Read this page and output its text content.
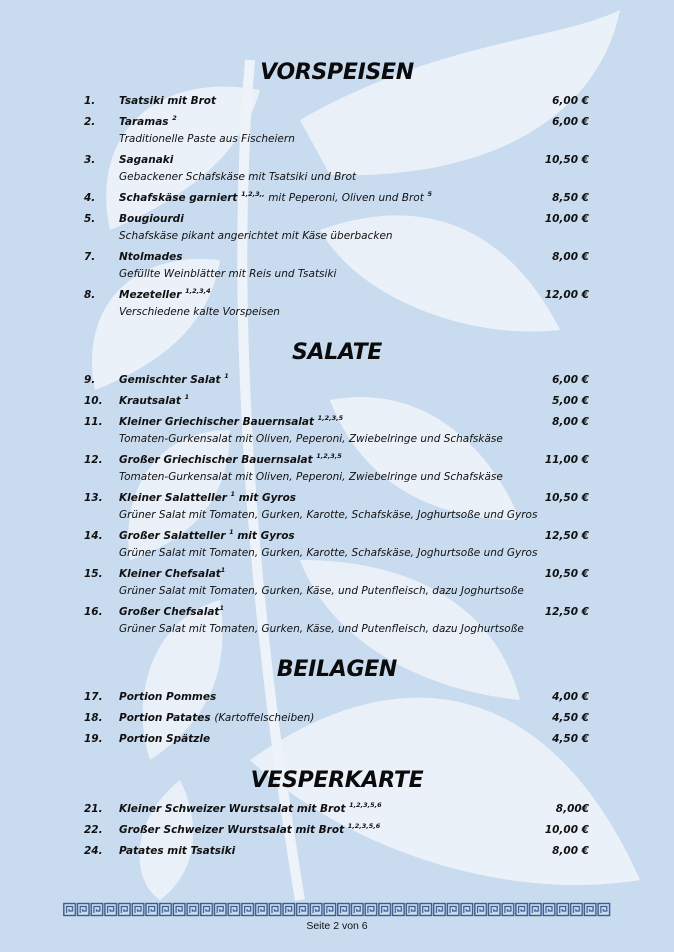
VORSPEISEN
1. Tsatsiki mit Brot	6,00 €
2. Taramas $^2$	6,00 €
Traditionelle Paste aus Fischeiern
3. Saganaki	10,50 €
Gebackener Schafskäse mit Tsatsiki und Brot
4. Schafskäse garniert $^{1,2,3,,}$ mit Peperoni, Oliven und Brot $^5$	8,50 €
5. Bougiourdi	10,00 €
Schafskäse pikant angerichtet mit Käse überbacken
7. Ntolmades	8,00 €
Gefüllte Weinblätter mit Reis und Tsatsiki
8. Mezeteller $^{1,2,3,4}$	12,00 €
Verschiedene kalte Vorspeisen
SALATE
9. Gemischter Salat $^1$	6,00 €
10. Krautsalat $^1$	5,00 €
11. Kleiner Griechischer Bauernsalat $^{1,2,3,5}$	8,00 €
Tomaten-Gurkensalat mit Oliven, Peperoni, Zwiebelringe und Schafskäse
12. Großer Griechischer Bauernsalat $^{1,2,3,5}$	11,00 €
Tomaten-Gurkensalat mit Oliven, Peperoni, Zwiebelringe und Schafskäse
13. Kleiner Salatteller $^1$ mit Gyros	10,50 €
Grüner Salat mit Tomaten, Gurken, Karotte, Schafskäse, Joghurtsoße und Gyros
14. Großer Salatteller $^1$ mit Gyros	12,50 €
Grüner Salat mit Tomaten, Gurken, Karotte, Schafskäse, Joghurtsoße und Gyros
15. Kleiner Chefsalat$^1$	10,50 €
Grüner Salat mit Tomaten, Gurken, Käse, und Putenfleisch, dazu Joghurtsoße
16. Großer Chefsalat$^1$	12,50 €
Grüner Salat mit Tomaten, Gurken, Käse, und Putenfleisch, dazu Joghurtsoße
BEILAGEN
17. Portion Pommes	4,00 €
18. Portion Patates (Kartoffelscheiben)	4,50 €
19. Portion Spätzle	4,50 €
VESPERKARTE
21. Kleiner Schweizer Wurstsalat mit Brot $^{1,2,3,5,6}$	8,00€
22. Großer Schweizer Wurstsalat mit Brot $^{1,2,3,5,6}$	10,00 €
24. Patates mit Tsatsiki	8,00 €
Seite 2 von 6
